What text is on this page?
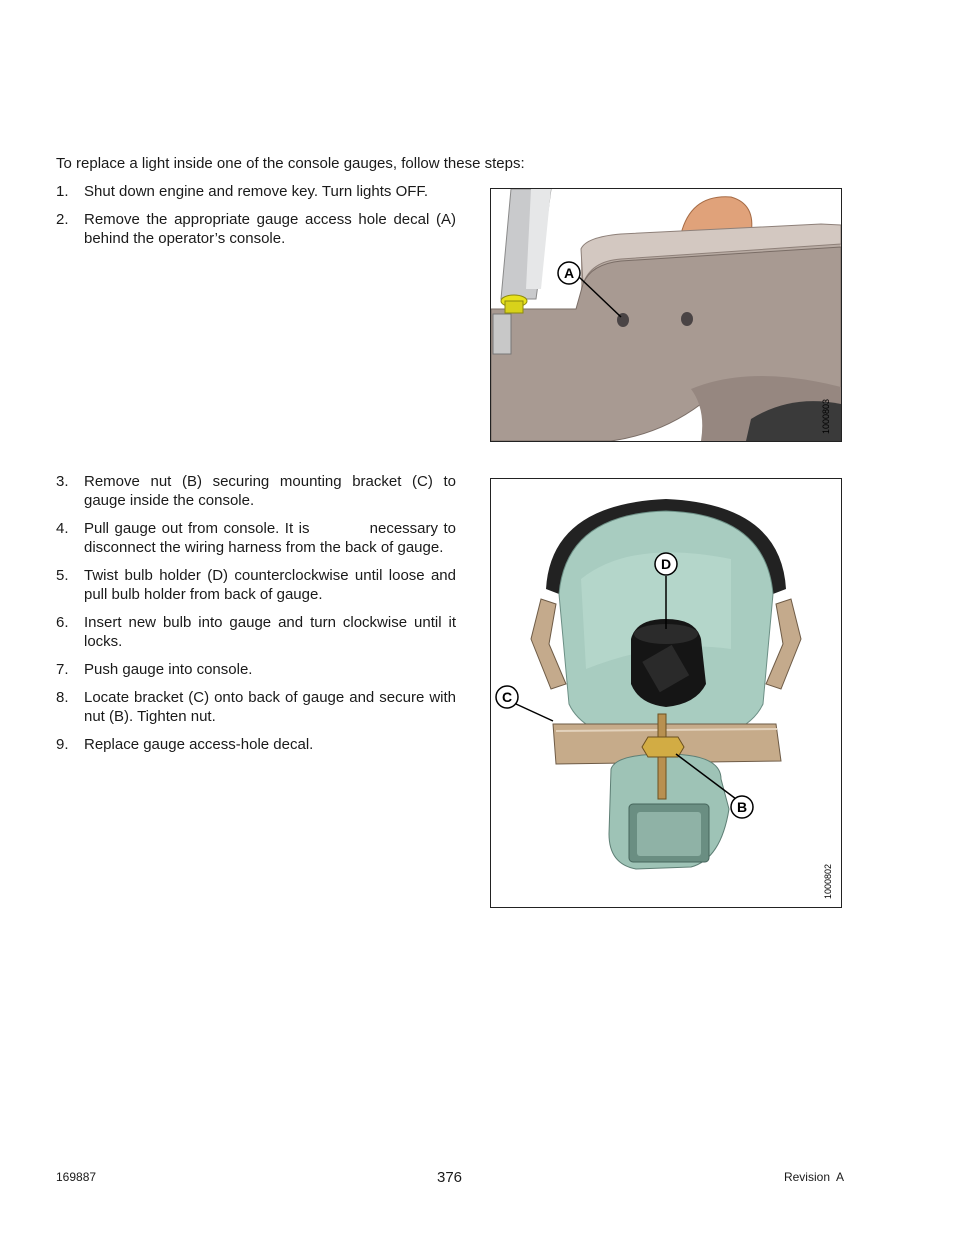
To replace a light inside one of the console gauges, follow these steps:
1.	Shut down engine and remove key. Turn lights OFF.
2.	Remove the appropriate gauge access hole decal (A) behind the operator’s console.
3.	Remove nut (B) securing mounting bracket (C) to gauge inside the console.
4.	Pull gauge out from console. It is           necessary to disconnect the wiring harness from the back of gauge.
5.	Twist bulb holder (D) counterclockwise until loose and pull bulb holder from back of gauge.
6.	Insert new bulb into gauge and turn clockwise until it locks.
7.	Push gauge into console.
8.	Locate bracket (C) onto back of gauge and secure with nut (B). Tighten nut.
9.	Replace gauge access-hole decal.
A
1000803
D
C
B
1000802
169887	376	Revision  A
